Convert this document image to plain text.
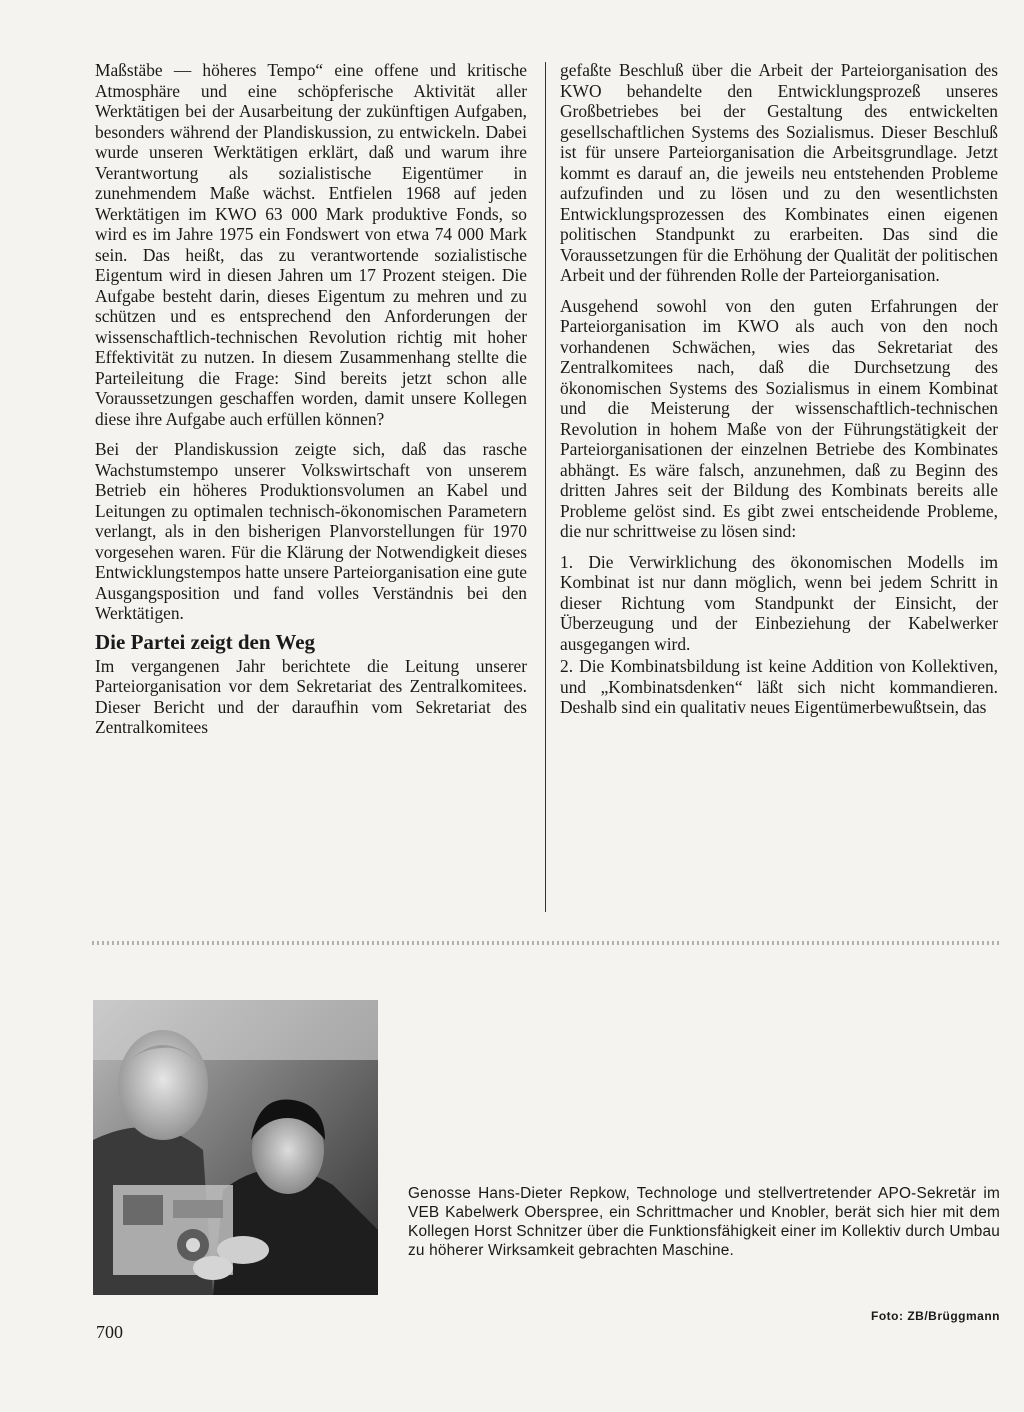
Maßstäbe — höheres Tempo“ eine offene und kritische Atmosphäre und eine schöpferische Aktivität aller Werktätigen bei der Ausarbeitung der zukünftigen Aufgaben, besonders während der Plandiskussion, zu entwickeln. Dabei wurde unseren Werktätigen erklärt, daß und warum ihre Verantwortung als sozialistische Eigentümer in zunehmendem Maße wächst. Entfielen 1968 auf jeden Werktätigen im KWO 63 000 Mark produktive Fonds, so wird es im Jahre 1975 ein Fondswert von etwa 74 000 Mark sein. Das heißt, das zu verantwortende sozialistische Eigentum wird in diesen Jahren um 17 Prozent steigen. Die Aufgabe besteht darin, dieses Eigentum zu mehren und zu schützen und es entsprechend den Anforderungen der wissenschaftlich-technischen Revolution richtig mit hoher Effektivität zu nutzen. In diesem Zusammenhang stellte die Parteileitung die Frage: Sind bereits jetzt schon alle Voraussetzungen geschaffen worden, damit unsere Kollegen diese ihre Aufgabe auch erfüllen können?

Bei der Plandiskussion zeigte sich, daß das rasche Wachstumstempo unserer Volkswirtschaft von unserem Betrieb ein höheres Produktionsvolumen an Kabel und Leitungen zu optimalen technisch-ökonomischen Parametern verlangt, als in den bisherigen Planvorstellungen für 1970 vorgesehen waren. Für die Klärung der Notwendigkeit dieses Entwicklungstempos hatte unsere Parteiorganisation eine gute Ausgangsposition und fand volles Verständnis bei den Werktätigen.

Die Partei zeigt den Weg

Im vergangenen Jahr berichtete die Leitung unserer Parteiorganisation vor dem Sekretariat des Zentralkomitees. Dieser Bericht und der daraufhin vom Sekretariat des Zentralkomitees

gefaßte Beschluß über die Arbeit der Parteiorganisation des KWO behandelte den Entwicklungsprozeß unseres Großbetriebes bei der Gestaltung des entwickelten gesellschaftlichen Systems des Sozialismus. Dieser Beschluß ist für unsere Parteiorganisation die Arbeitsgrundlage. Jetzt kommt es darauf an, die jeweils neu entstehenden Probleme aufzufinden und zu lösen und zu den wesentlichsten Entwicklungsprozessen des Kombinates einen eigenen politischen Standpunkt zu erarbeiten. Das sind die Voraussetzungen für die Erhöhung der Qualität der politischen Arbeit und der führenden Rolle der Parteiorganisation.

Ausgehend sowohl von den guten Erfahrungen der Parteiorganisation im KWO als auch von den noch vorhandenen Schwächen, wies das Sekretariat des Zentralkomitees nach, daß die Durchsetzung des ökonomischen Systems des Sozialismus in einem Kombinat und die Meisterung der wissenschaftlich-technischen Revolution in hohem Maße von der Führungstätigkeit der Parteiorganisationen der einzelnen Betriebe des Kombinates abhängt. Es wäre falsch, anzunehmen, daß zu Beginn des dritten Jahres seit der Bildung des Kombinats bereits alle Probleme gelöst sind. Es gibt zwei entscheidende Probleme, die nur schrittweise zu lösen sind:

1. Die Verwirklichung des ökonomischen Modells im Kombinat ist nur dann möglich, wenn bei jedem Schritt in dieser Richtung vom Standpunkt der Einsicht, der Überzeugung und der Einbeziehung der Kabelwerker ausgegangen wird.

2. Die Kombinatsbildung ist keine Addition von Kollektiven, und „Kombinatsdenken“ läßt sich nicht kommandieren. Deshalb sind ein qualitativ neues Eigentümerbewußtsein, das

Genosse Hans-Dieter Repkow, Technologe und stellvertretender APO-Sekretär im VEB Kabelwerk Oberspree, ein Schrittmacher und Knobler, berät sich hier mit dem Kollegen Horst Schnitzer über die Funktionsfähigkeit einer im Kollektiv durch Umbau zu höherer Wirksamkeit gebrachten Maschine.
Foto: ZB/Brüggmann
700
